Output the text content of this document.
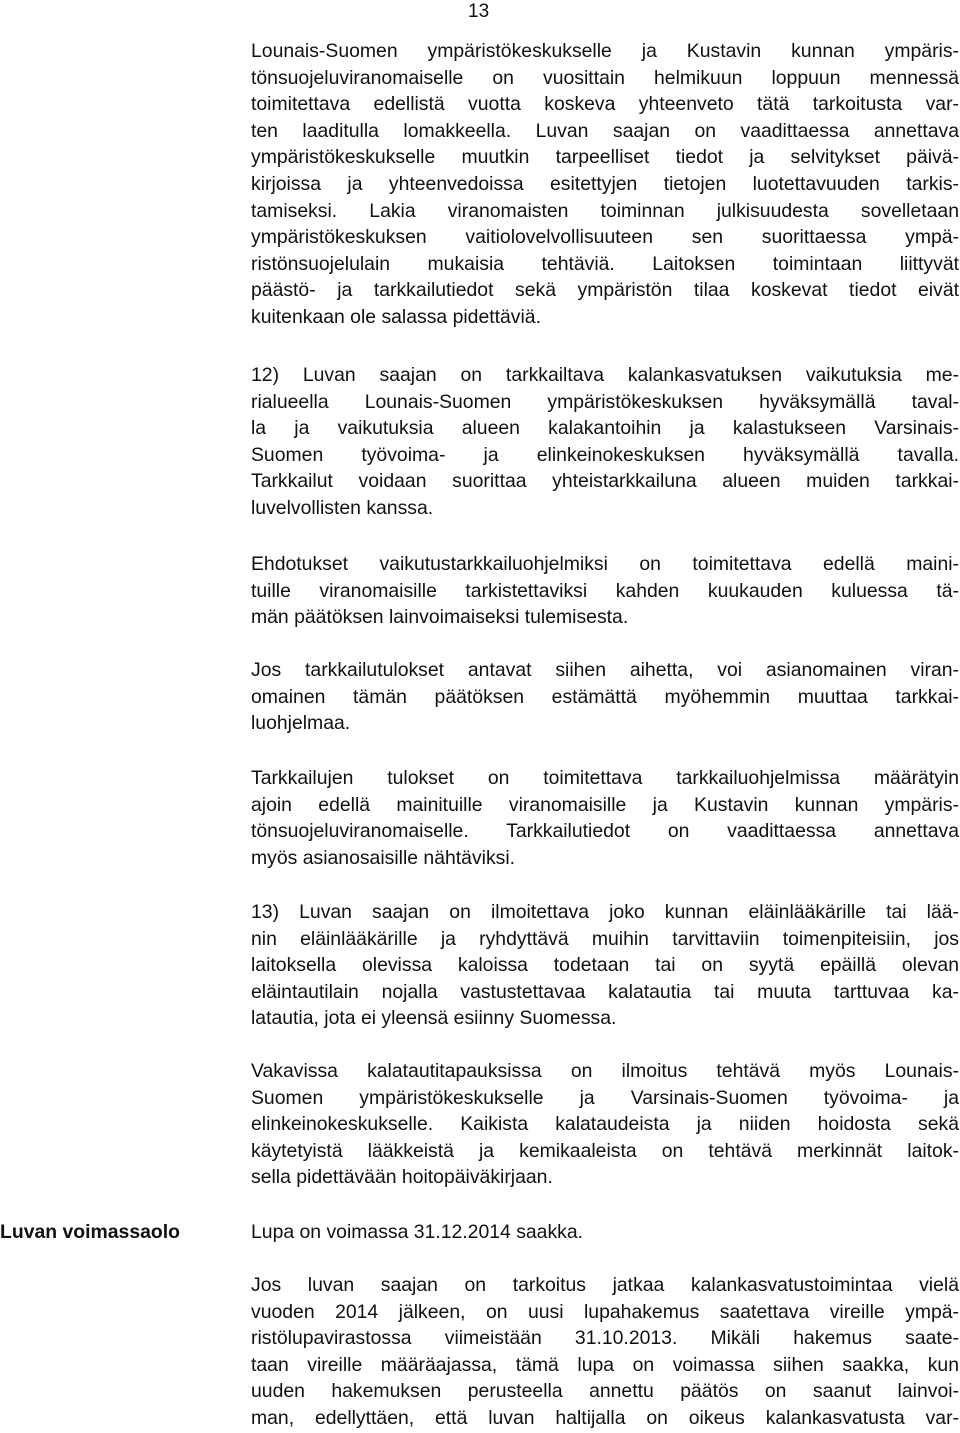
13
Luvan voimassaolo
Lounais-Suomen ympäristökeskukselle ja Kustavin kunnan ympäris-
tönsuojeluviranomaiselle on vuosittain helmikuun loppuun mennessä
toimitettava edellistä vuotta koskeva yhteenveto tätä tarkoitusta var-
ten laaditulla lomakkeella. Luvan saajan on vaadittaessa annettava
ympäristökeskukselle muutkin tarpeelliset tiedot ja selvitykset päivä-
kirjoissa ja yhteenvedoissa esitettyjen tietojen luotettavuuden tarkis-
tamiseksi. Lakia viranomaisten toiminnan julkisuudesta sovelletaan
ympäristökeskuksen vaitiolovelvollisuuteen sen suorittaessa ympä-
ristönsuojelulain mukaisia tehtäviä. Laitoksen toimintaan liittyvät
päästö- ja tarkkailutiedot sekä ympäristön tilaa koskevat tiedot eivät
kuitenkaan ole salassa pidettäviä.
12) Luvan saajan on tarkkailtava kalankasvatuksen vaikutuksia me-
rialueella Lounais-Suomen ympäristökeskuksen hyväksymällä taval-
la ja vaikutuksia alueen kalakantoihin ja kalastukseen Varsinais-
Suomen työvoima- ja elinkeinokeskuksen hyväksymällä tavalla.
Tarkkailut voidaan suorittaa yhteistarkkailuna alueen muiden tarkkai-
luvelvollisten kanssa.
Ehdotukset vaikutustarkkailuohjelmiksi on toimitettava edellä maini-
tuille viranomaisille tarkistettaviksi kahden kuukauden kuluessa tä-
män päätöksen lainvoimaiseksi tulemisesta.
Jos tarkkailutulokset antavat siihen aihetta, voi asianomainen viran-
omainen tämän päätöksen estämättä myöhemmin muuttaa tarkkai-
luohjelmaa.
Tarkkailujen tulokset on toimitettava tarkkailuohjelmissa määrätyin
ajoin edellä mainituille viranomaisille ja Kustavin kunnan ympäris-
tönsuojeluviranomaiselle. Tarkkailutiedot on vaadittaessa annettava
myös asianosaisille nähtäviksi.
13) Luvan saajan on ilmoitettava joko kunnan eläinlääkärille tai lää-
nin eläinlääkärille ja ryhdyttävä muihin tarvittaviin toimenpiteisiin, jos
laitoksella olevissa kaloissa todetaan tai on syytä epäillä olevan
eläintautilain nojalla vastustettavaa kalatautia tai muuta tarttuvaa ka-
latautia, jota ei yleensä esiinny Suomessa.
Vakavissa kalatautitapauksissa on ilmoitus tehtävä myös Lounais-
Suomen ympäristökeskukselle ja Varsinais-Suomen työvoima- ja
elinkeinokeskukselle. Kaikista kalataudeista ja niiden hoidosta sekä
käytetyistä lääkkeistä ja kemikaaleista on tehtävä merkinnät laitok-
sella pidettävään hoitopäiväkirjaan.
Lupa on voimassa 31.12.2014 saakka.
Jos luvan saajan on tarkoitus jatkaa kalankasvatustoimintaa vielä
vuoden 2014 jälkeen, on uusi lupahakemus saatettava vireille ympä-
ristölupavirastossa viimeistään 31.10.2013. Mikäli hakemus saate-
taan vireille määräajassa, tämä lupa on voimassa siihen saakka, kun
uuden hakemuksen perusteella annettu päätös on saanut lainvoi-
man, edellyttäen, että luvan haltijalla on oikeus kalankasvatusta var-
